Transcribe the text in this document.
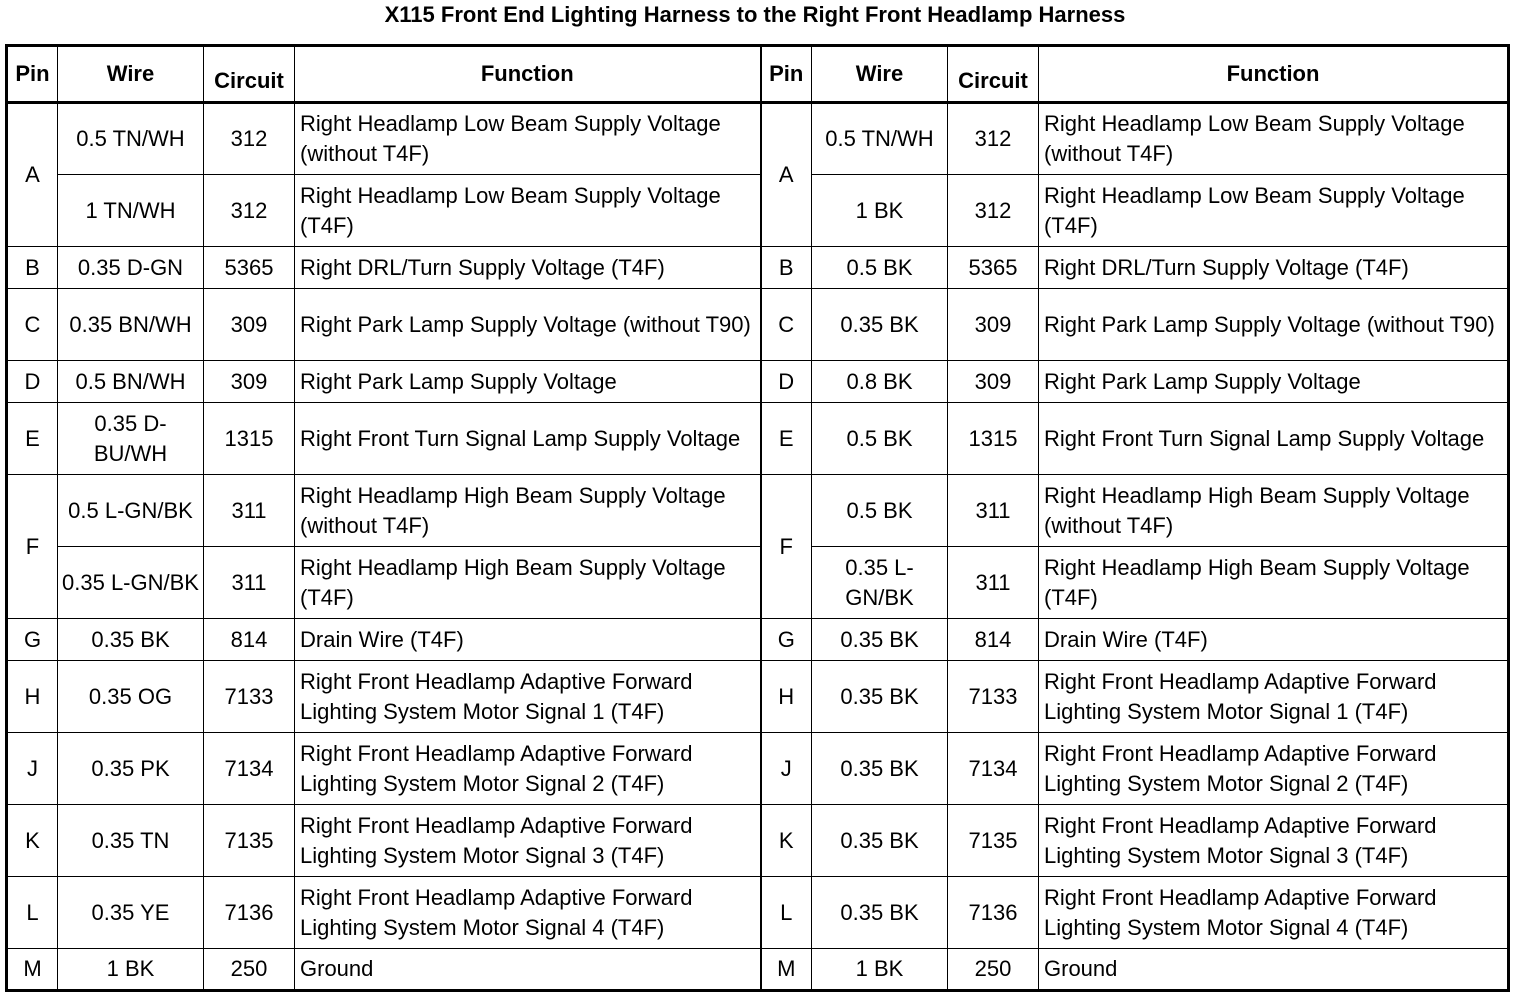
X115 Front End Lighting Harness to the Right Front Headlamp Harness
Pin	Wire	Circuit	Function	Pin	Wire	Circuit	Function
A	0.5 TN/WH	312	Right Headlamp Low Beam Supply Voltage (without T4F)	A	0.5 TN/WH	312	Right Headlamp Low Beam Supply Voltage (without T4F)
	1 TN/WH	312	Right Headlamp Low Beam Supply Voltage (T4F)		1 BK	312	Right Headlamp Low Beam Supply Voltage (T4F)
B	0.35 D-GN	5365	Right DRL/Turn Supply Voltage (T4F)	B	0.5 BK	5365	Right DRL/Turn Supply Voltage (T4F)
C	0.35 BN/WH	309	Right Park Lamp Supply Voltage (without T90)	C	0.35 BK	309	Right Park Lamp Supply Voltage (without T90)
D	0.5 BN/WH	309	Right Park Lamp Supply Voltage	D	0.8 BK	309	Right Park Lamp Supply Voltage
E	0.35 D-BU/WH	1315	Right Front Turn Signal Lamp Supply Voltage	E	0.5 BK	1315	Right Front Turn Signal Lamp Supply Voltage
F	0.5 L-GN/BK	311	Right Headlamp High Beam Supply Voltage (without T4F)	F	0.5 BK	311	Right Headlamp High Beam Supply Voltage (without T4F)
	0.35 L-GN/BK	311	Right Headlamp High Beam Supply Voltage (T4F)		0.35 L-GN/BK	311	Right Headlamp High Beam Supply Voltage (T4F)
G	0.35 BK	814	Drain Wire (T4F)	G	0.35 BK	814	Drain Wire (T4F)
H	0.35 OG	7133	Right Front Headlamp Adaptive Forward Lighting System Motor Signal 1 (T4F)	H	0.35 BK	7133	Right Front Headlamp Adaptive Forward Lighting System Motor Signal 1 (T4F)
J	0.35 PK	7134	Right Front Headlamp Adaptive Forward Lighting System Motor Signal 2 (T4F)	J	0.35 BK	7134	Right Front Headlamp Adaptive Forward Lighting System Motor Signal 2 (T4F)
K	0.35 TN	7135	Right Front Headlamp Adaptive Forward Lighting System Motor Signal 3 (T4F)	K	0.35 BK	7135	Right Front Headlamp Adaptive Forward Lighting System Motor Signal 3 (T4F)
L	0.35 YE	7136	Right Front Headlamp Adaptive Forward Lighting System Motor Signal 4 (T4F)	L	0.35 BK	7136	Right Front Headlamp Adaptive Forward Lighting System Motor Signal 4 (T4F)
M	1 BK	250	Ground	M	1 BK	250	Ground
